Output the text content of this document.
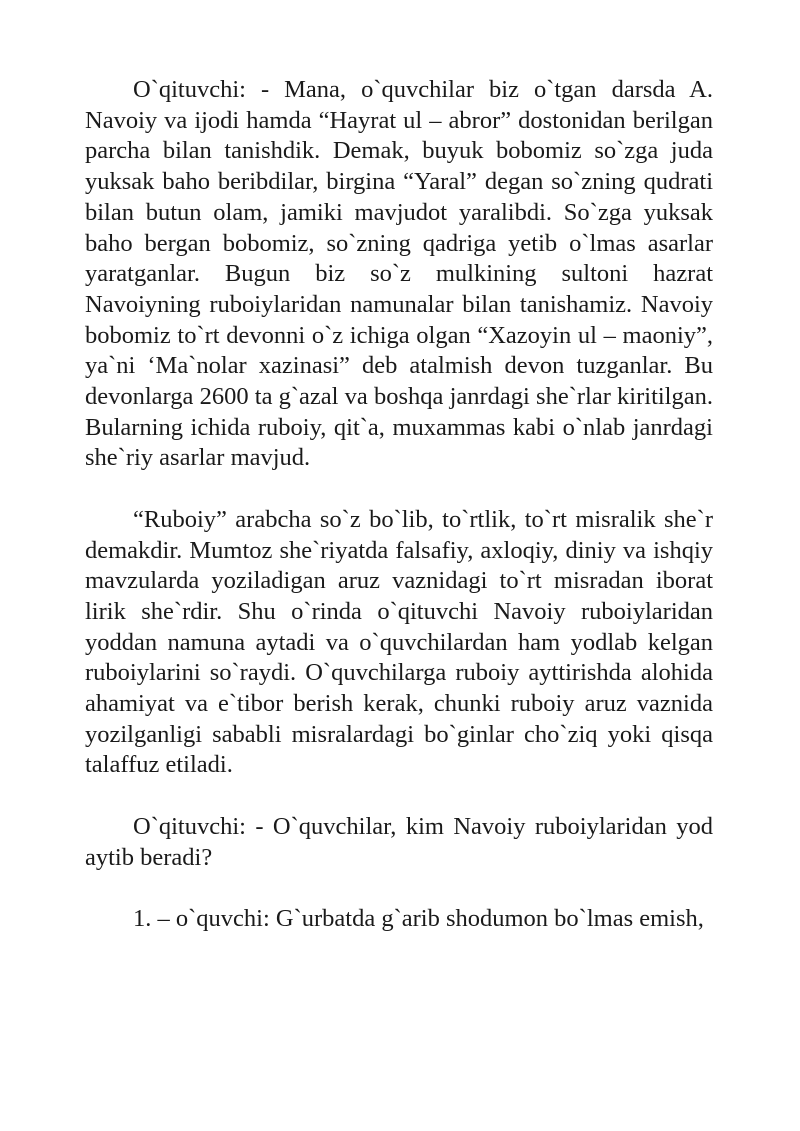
O`qituvchi: - Mana, o`quvchilar biz o`tgan darsda A. Navoiy va ijodi hamda “Hayrat ul – abror” dostonidan berilgan parcha bilan tanishdik. Demak, buyuk bobomiz so`zga juda yuksak baho beribdilar, birgina “Yaral” degan so`zning qudrati bilan butun olam, jamiki mavjudot yaralibdi. So`zga yuksak baho bergan bobomiz, so`zning qadriga yetib o`lmas asarlar yaratganlar. Bugun biz so`z mulkining sultoni hazrat Navoiyning ruboiylaridan namunalar bilan tanishamiz. Navoiy bobomiz to`rt devonni o`z ichiga olgan “Xazoyin ul – maoniy”, ya`ni ‘Ma`nolar xazinasi” deb atalmish devon tuzganlar. Bu devonlarga 2600 ta g`azal va boshqa janrdagi she`rlar kiritilgan. Bularning ichida ruboiy, qit`a, muxammas kabi o`nlab janrdagi she`riy asarlar mavjud.

“Ruboiy” arabcha so`z bo`lib, to`rtlik, to`rt misralik she`r demakdir. Mumtoz she`riyatda falsafiy, axloqiy, diniy va ishqiy mavzularda yoziladigan aruz vaznidagi to`rt misradan iborat lirik she`rdir. Shu o`rinda o`qituvchi Navoiy ruboiylaridan yoddan namuna aytadi va o`quvchilardan ham yodlab kelgan ruboiylarini so`raydi. O`quvchilarga ruboiy ayttirishda alohida ahamiyat va e`tibor berish kerak, chunki ruboiy aruz vaznida yozilganligi sababli misralardagi bo`ginlar cho`ziq yoki qisqa talaffuz etiladi.

O`qituvchi: - O`quvchilar, kim Navoiy ruboiylaridan yod aytib beradi?

1. – o`quvchi: G`urbatda g`arib shodumon bo`lmas emish,
